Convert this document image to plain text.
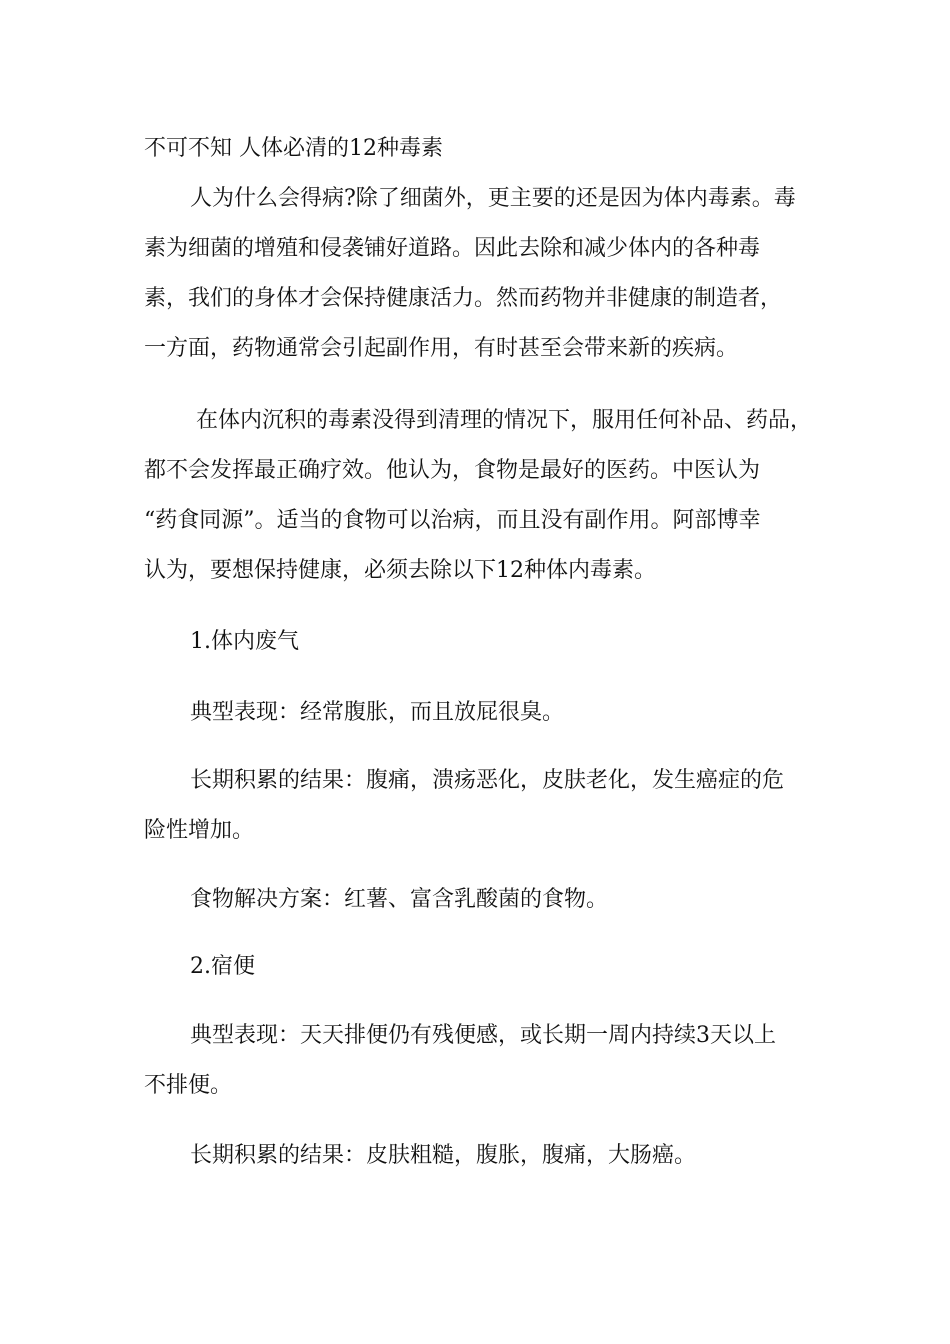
不可不知 人体必清的12种毒素
人为什么会得病?除了细菌外，更主要的还是因为体内毒素。毒
素为细菌的增殖和侵袭铺好道路。因此去除和减少体内的各种毒
素，我们的身体才会保持健康活力。然而药物并非健康的制造者，
一方面，药物通常会引起副作用，有时甚至会带来新的疾病。
在体内沉积的毒素没得到清理的情况下，服用任何补品、药品，
都不会发挥最正确疗效。他认为，食物是最好的医药。中医认为
“药食同源”。适当的食物可以治病，而且没有副作用。阿部博幸
认为，要想保持健康，必须去除以下12种体内毒素。
1.体内废气
典型表现：经常腹胀，而且放屁很臭。
长期积累的结果：腹痛，溃疡恶化，皮肤老化，发生癌症的危
险性增加。
食物解决方案：红薯、富含乳酸菌的食物。
2.宿便
典型表现：天天排便仍有残便感，或长期一周内持续3天以上
不排便。
长期积累的结果：皮肤粗糙，腹胀，腹痛，大肠癌。
